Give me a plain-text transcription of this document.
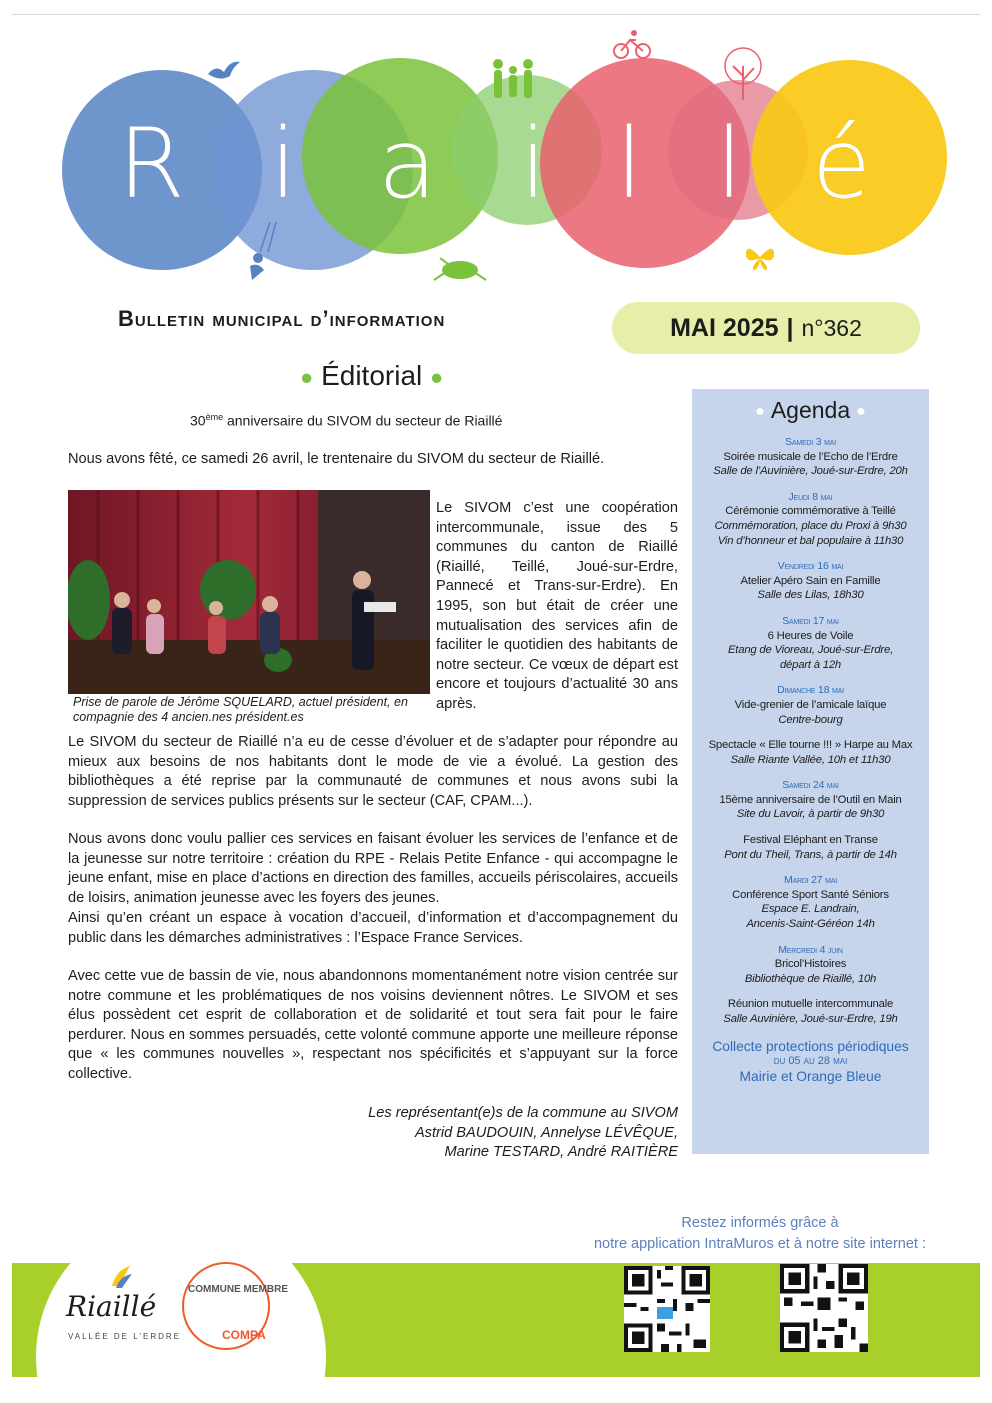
R i a i l l é
Bulletin municipal d’information	MAI 2025 | n°362
● Éditorial ●
30ème anniversaire du SIVOM du secteur de Riaillé
Nous avons fêté, ce samedi 26 avril, le trentenaire du SIVOM du secteur de Riaillé.
Prise de parole de Jérôme SQUELARD, actuel président, en compagnie des 4 ancien.nes président.es
Le SIVOM c’est une coopération intercommunale, issue des 5 communes du canton de Riaillé (Riaillé, Teillé, Joué-sur-Erdre, Pannecé et Trans-sur-Erdre). En 1995, son but était de créer une mutualisation des services afin de faciliter le quotidien des habitants de notre secteur. Ce vœux de départ est encore et toujours d’actualité 30 ans après.
Le SIVOM du secteur de Riaillé n’a eu de cesse d’évoluer et de s’adapter pour répondre au mieux aux besoins de nos habitants dont le mode de vie a évolué. La gestion des bibliothèques a été reprise par la communauté de communes et nous avons subi la suppression de services publics présents sur le secteur (CAF, CPAM...).
Nous avons donc voulu pallier ces services en faisant évoluer les services de l’enfance et de la jeunesse sur notre territoire : création du RPE - Relais Petite Enfance - qui accompagne le jeune enfant, mise en place d’actions en direction des familles, accueils périscolaires, accueils de loisirs, animation jeunesse avec les foyers des jeunes.
Ainsi qu’en créant un espace à vocation d’accueil, d’information et d’accompagnement du public dans les démarches administratives : l’Espace France Services.
Avec cette vue de bassin de vie, nous abandonnons momentanément notre vision centrée sur notre commune et les problématiques de nos voisins deviennent nôtres. Le SIVOM et ses élus possèdent cet esprit de collaboration et de solidarité et tout sera fait pour le faire perdurer. Nous en sommes persuadés, cette volonté commune apporte une meilleure réponse que « les communes nouvelles », respectant nos spécificités et s’appuyant sur la force collective.
Les représentant(e)s de la commune au SIVOM
Astrid BAUDOUIN, Annelyse LÉVÊQUE,
Marine TESTARD, André RAITIÈRE
● Agenda ●
Samedi 3 mai
Soirée musicale de l’Echo de l’Erdre
Salle de l’Auvinière, Joué-sur-Erdre, 20h
Jeudi 8 mai
Cérémonie commémorative à Teillé
Commémoration, place du Proxi à 9h30
Vin d’honneur et bal populaire à 11h30
Vendredi 16 mai
Atelier Apéro Sain en Famille
Salle des Lilas, 18h30
Samedi 17 mai
6 Heures de Voile
Etang de Vioreau, Joué-sur-Erdre,
départ à 12h
Dimanche 18 mai
Vide-grenier de l’amicale laïque
Centre-bourg
Spectacle « Elle tourne !!! » Harpe au Max
Salle Riante Vallée, 10h et 11h30
Samedi 24 mai
15ème anniversaire de l’Outil en Main
Site du Lavoir, à partir de 9h30
Festival Eléphant en Transe
Pont du Theil, Trans, à partir de 14h
Mardi 27 mai
Conférence Sport Santé Séniors
Espace E. Landrain,
Ancenis-Saint-Géréon 14h
Mercredi 4 juin
Bricol’Histoires
Bibliothèque de Riaillé, 10h
Réunion mutuelle intercommunale
Salle Auvinière, Joué-sur-Erdre, 19h
Collecte protections périodiques
du 05 au 28 mai
Mairie et Orange Bleue
Riaillé
VALLÉE DE L’ERDRE
COMMUNE MEMBRE
COMPA
Restez informés grâce à
notre application IntraMuros et à notre site internet :
